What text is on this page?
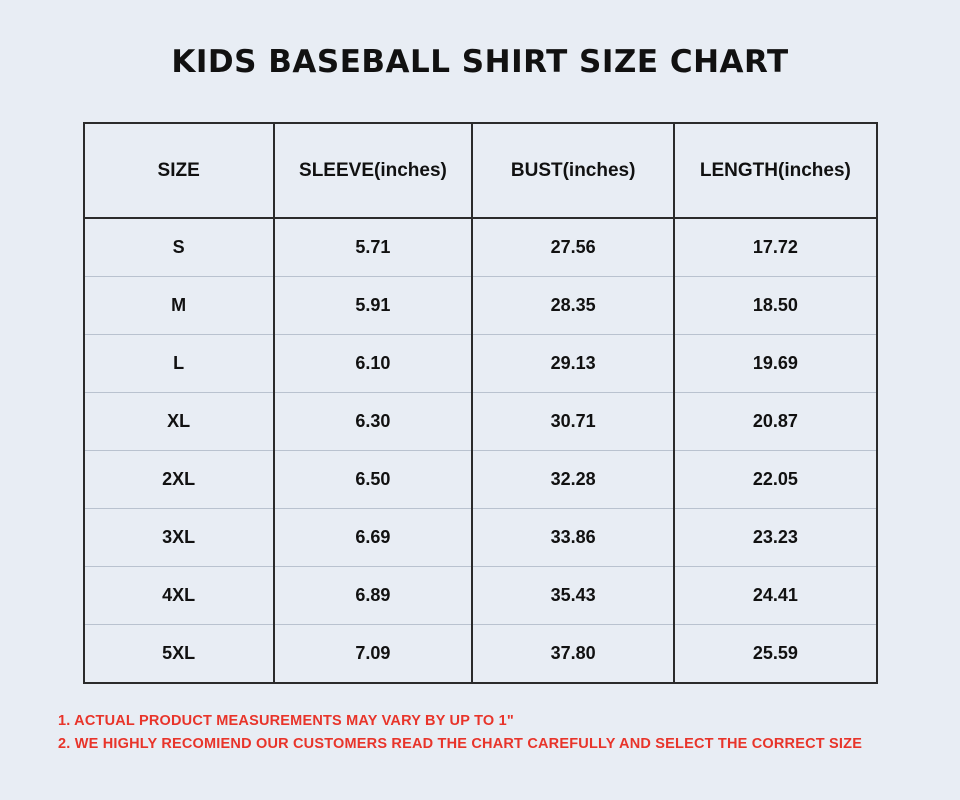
KIDS BASEBALL SHIRT SIZE CHART
SIZE	SLEEVE(inches)	BUST(inches)	LENGTH(inches)
S	5.71	27.56	17.72
M	5.91	28.35	18.50
L	6.10	29.13	19.69
XL	6.30	30.71	20.87
2XL	6.50	32.28	22.05
3XL	6.69	33.86	23.23
4XL	6.89	35.43	24.41
5XL	7.09	37.80	25.59
1. ACTUAL PRODUCT MEASUREMENTS MAY VARY BY UP TO 1"
2. WE HIGHLY RECOMIEND OUR CUSTOMERS READ THE CHART CAREFULLY AND SELECT THE CORRECT SIZE
